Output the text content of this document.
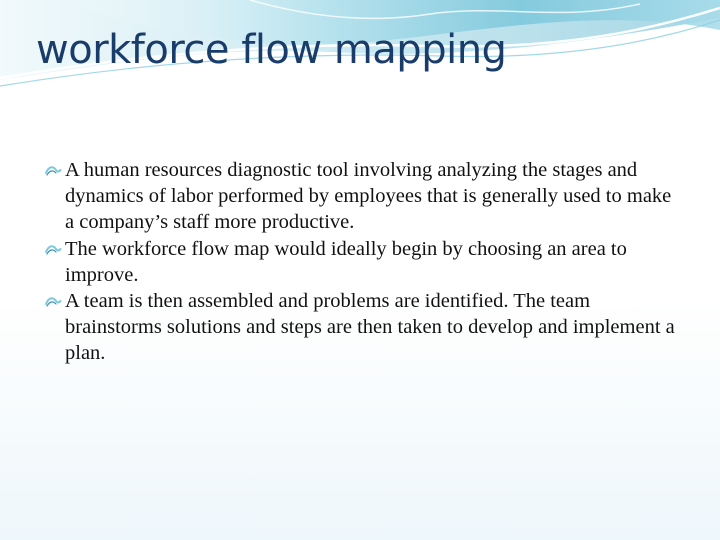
workforce flow mapping
A human resources diagnostic tool involving analyzing the stages and dynamics of labor performed by employees that is generally used to make a company’s staff more productive.
The workforce flow map would ideally begin by choosing an area to improve.
A team is then assembled and problems are identified. The team brainstorms solutions and steps are then taken to develop and implement a plan.
